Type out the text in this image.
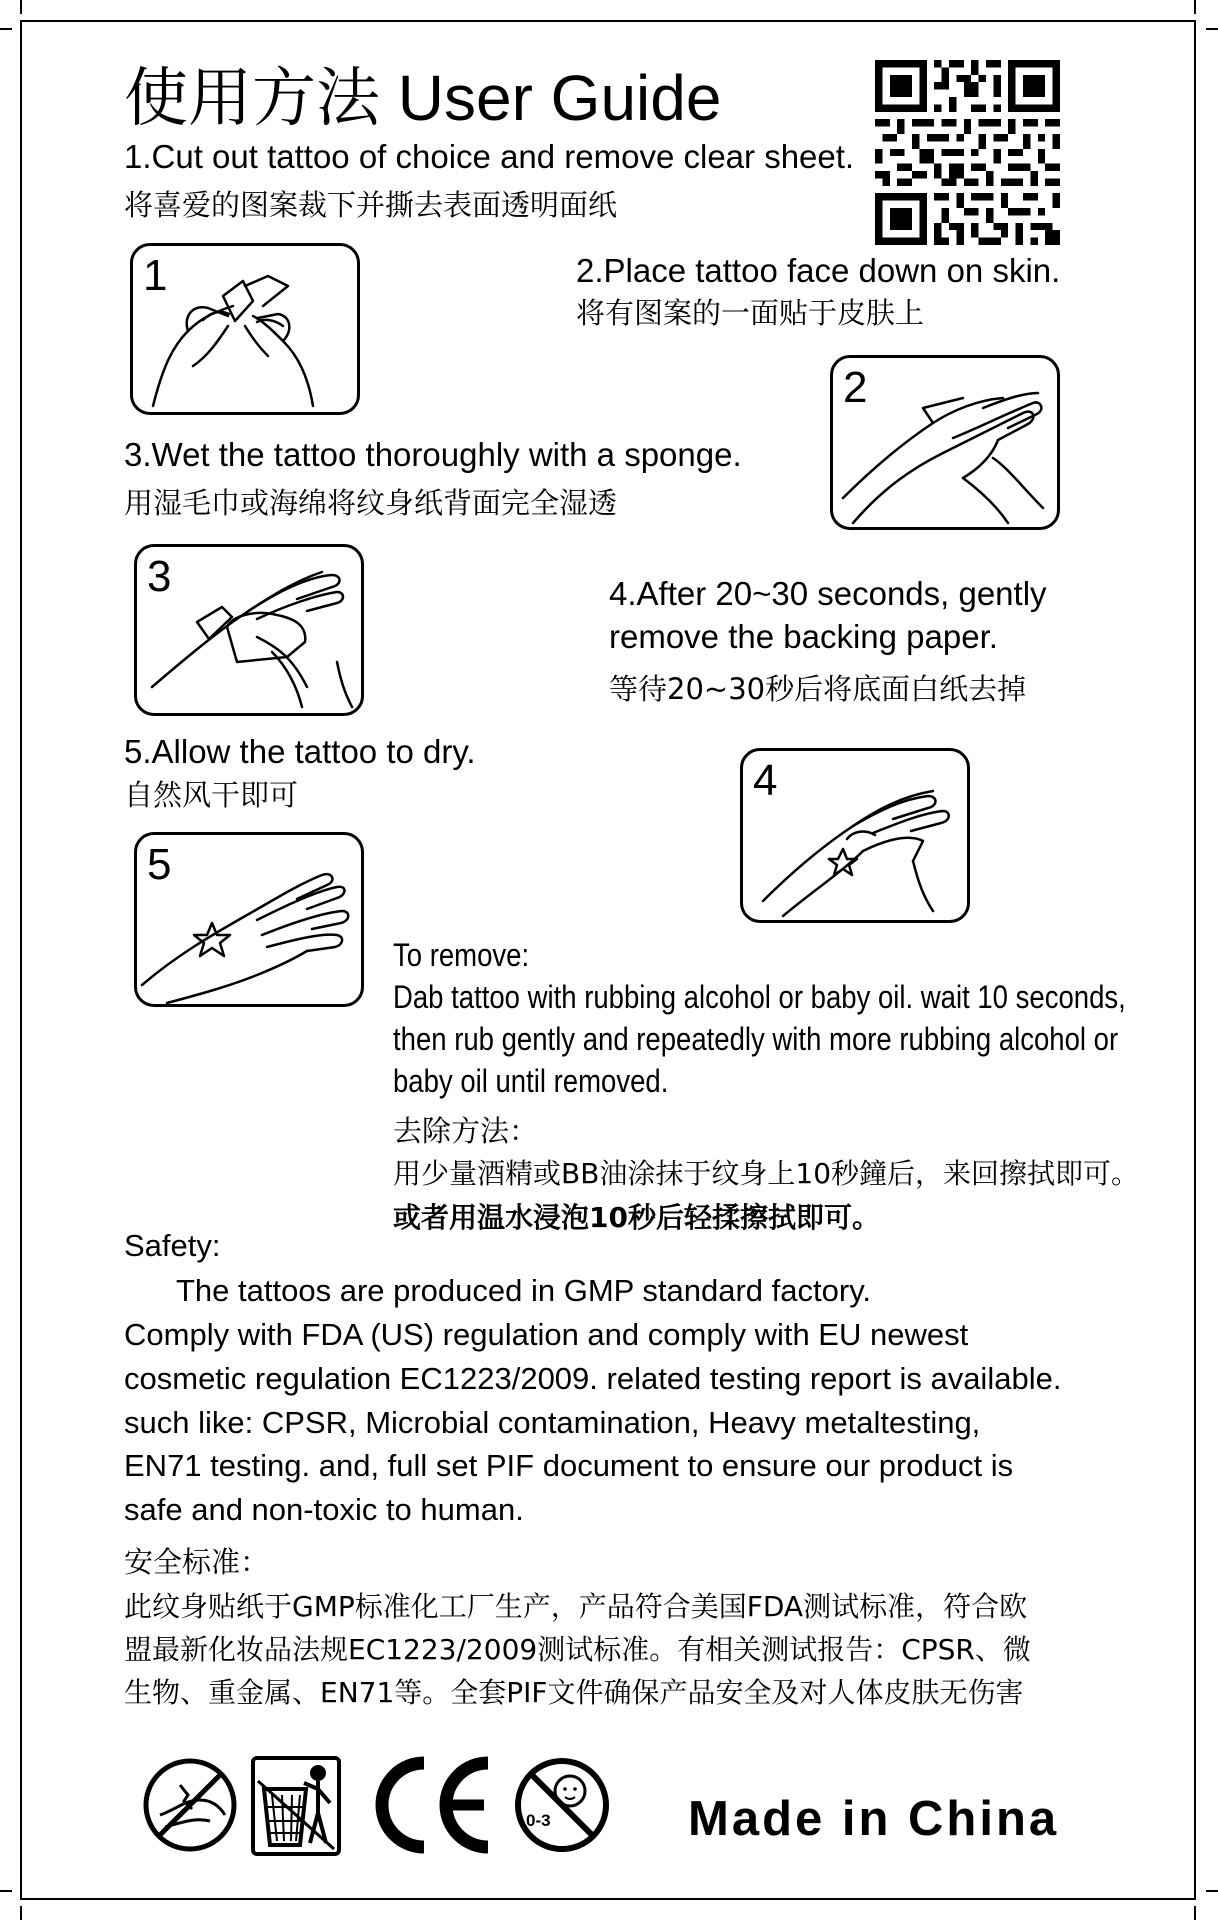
使用方法 User Guide
1.Cut out tattoo of choice and remove clear sheet.
将喜爱的图案裁下并撕去表面透明面纸
2.Place tattoo face down on skin.
将有图案的一面贴于皮肤上
3.Wet the tattoo thoroughly with a sponge.
用湿毛巾或海绵将纹身纸背面完全湿透
4.After 20~30 seconds, gently
remove the backing paper.
等待20~30秒后将底面白纸去掉
5.Allow the tattoo to dry.
自然风干即可
1
2
3
4
5
To remove:
Dab tattoo with rubbing alcohol or baby oil. wait 10 seconds,
then rub gently and repeatedly with more rubbing alcohol or
baby oil until removed.
去除方法：
用少量酒精或BB油涂抹于纹身上10秒鐘后，来回擦拭即可。
或者用温水浸泡10秒后轻揉擦拭即可。
Safety:
The tattoos are produced in GMP standard factory.
Comply with FDA (US) regulation and comply with EU newest
cosmetic regulation EC1223/2009. related testing report is available.
such like: CPSR, Microbial contamination, Heavy metaltesting,
EN71 testing. and, full set PIF document to ensure our product is
safe and non-toxic to human.
安全标准：
此纹身贴纸于GMP标准化工厂生产，产品符合美国FDA测试标准，符合欧
盟最新化妆品法规EC1223/2009测试标准。有相关测试报告：CPSR、微
生物、重金属、EN71等。全套PIF文件确保产品安全及对人体皮肤无伤害
0-3	Made in China
